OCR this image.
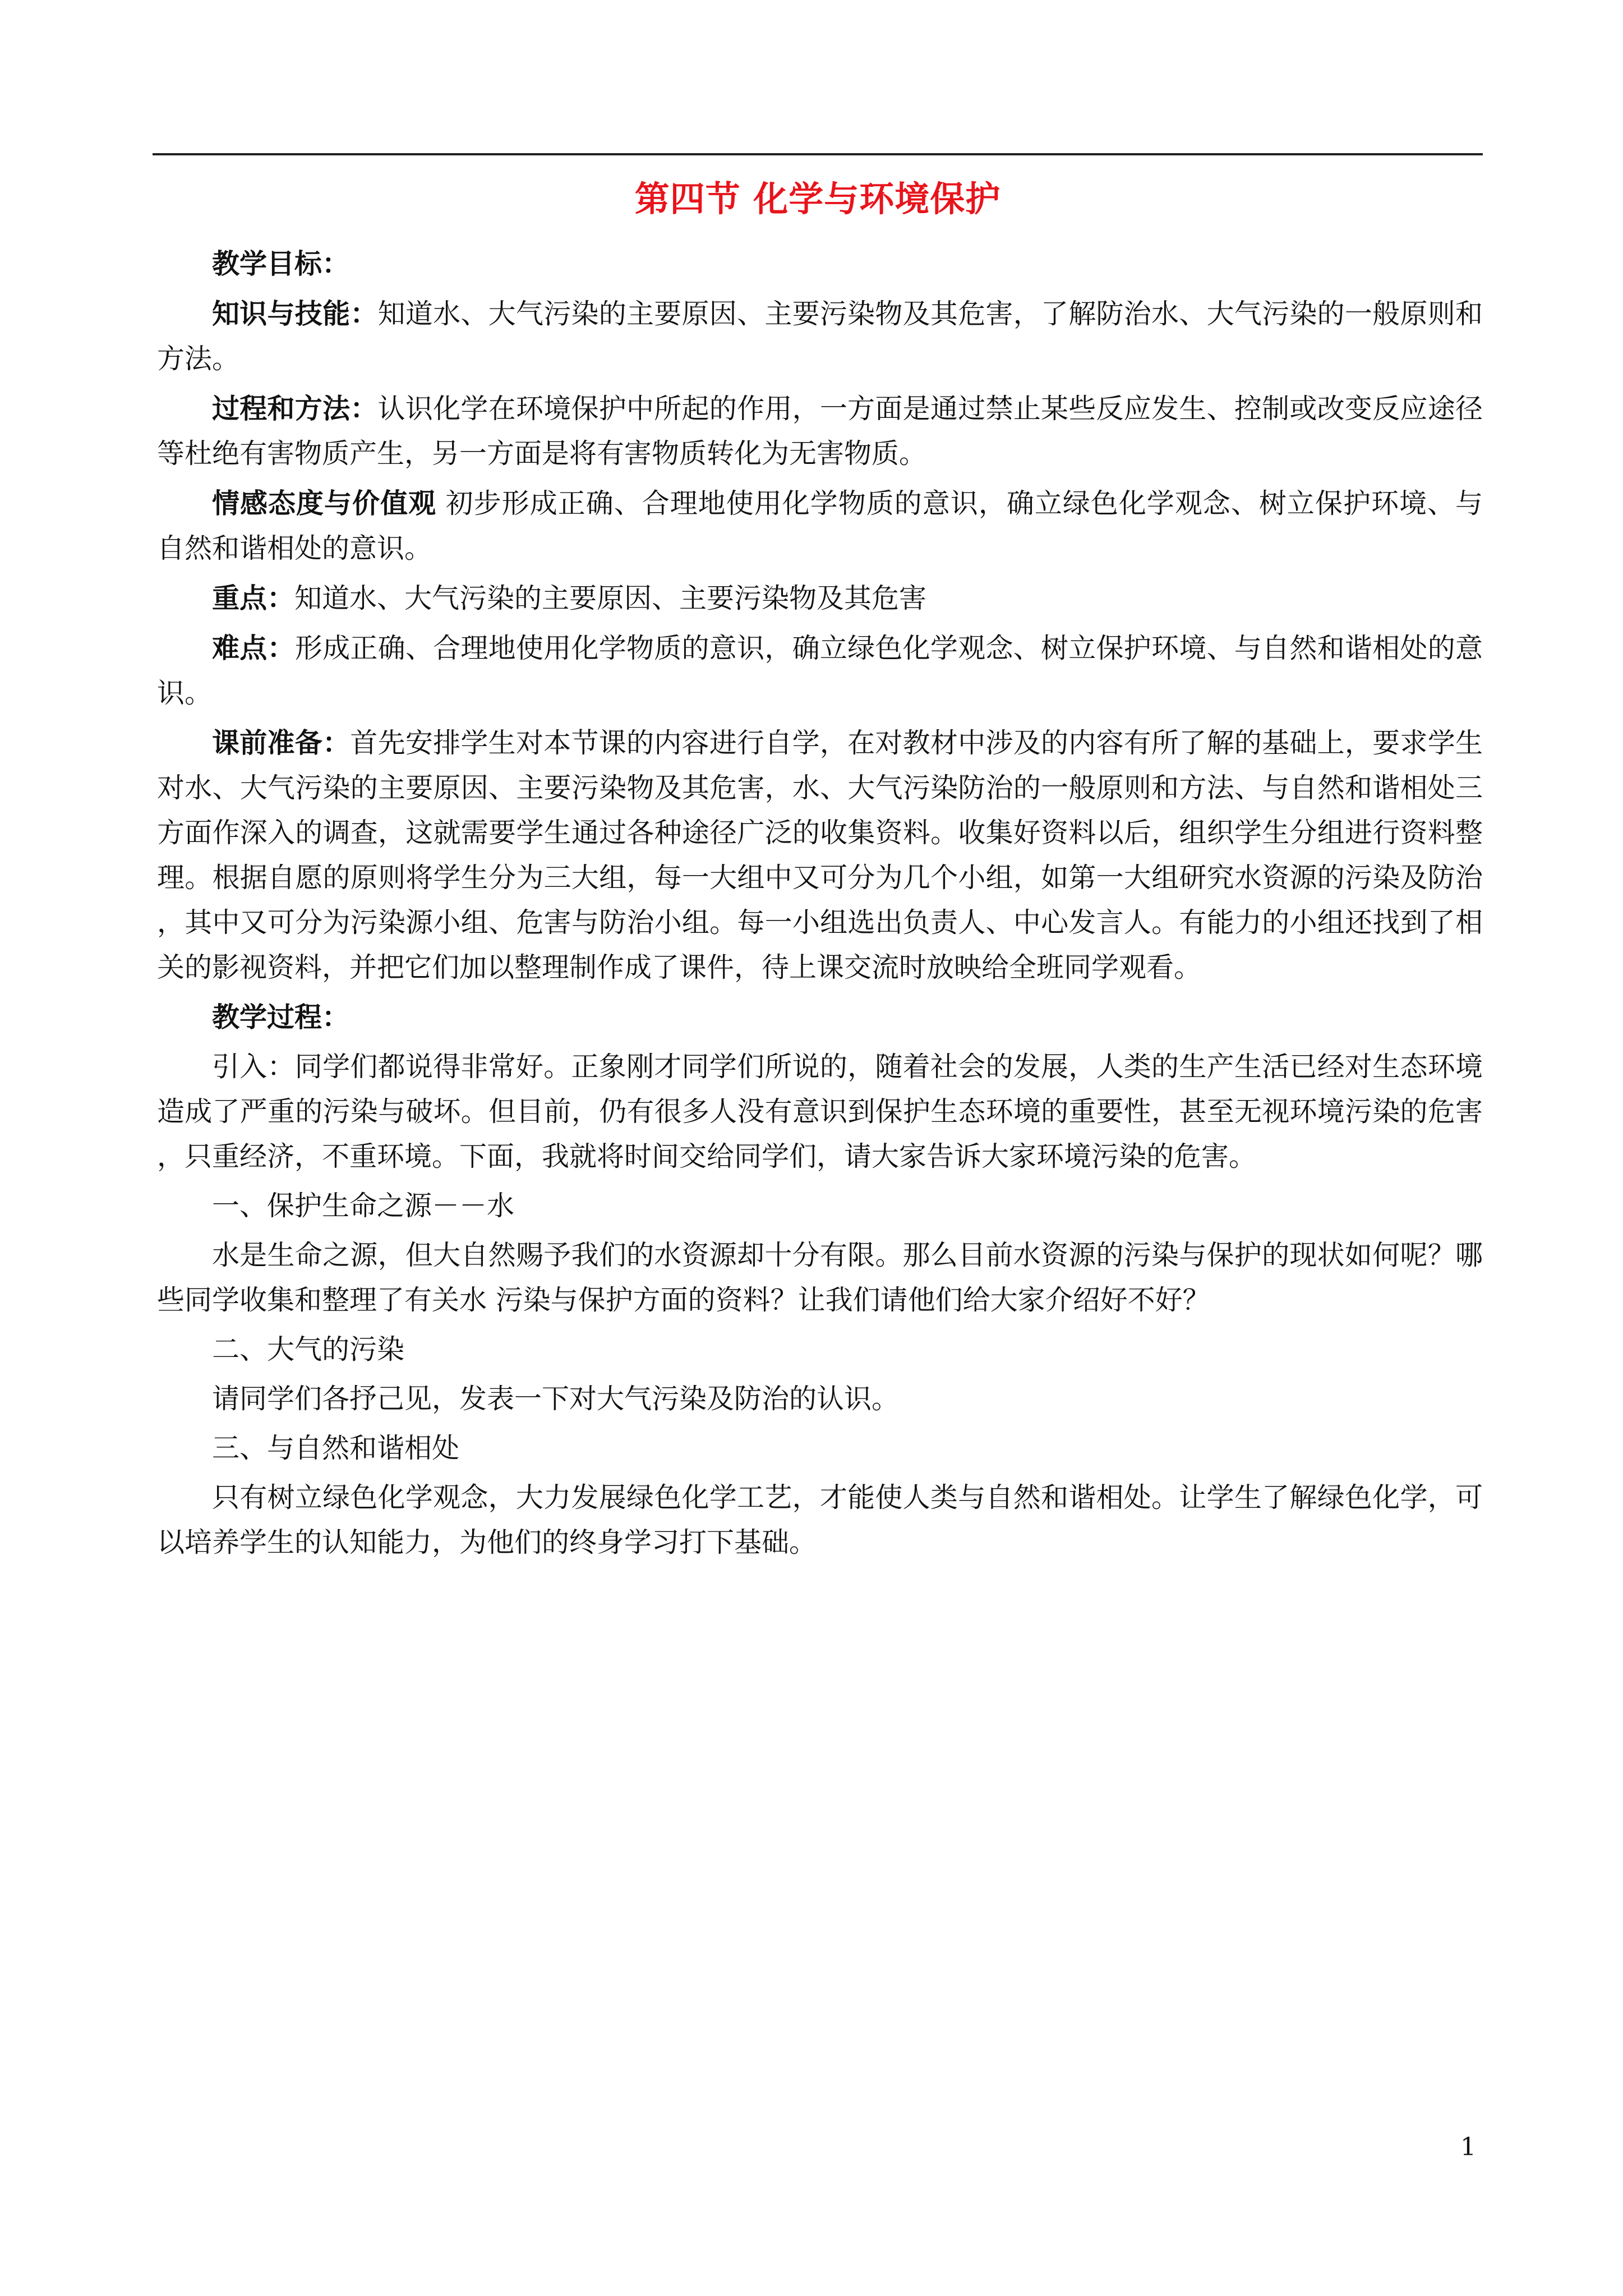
第四节 化学与环境保护

教学目标：

知识与技能：知道水、大气污染的主要原因、主要污染物及其危害，了解防治水、大气污染的一般原则和方法。

过程和方法：认识化学在环境保护中所起的作用，一方面是通过禁止某些反应发生、控制或改变反应途径等杜绝有害物质产生，另一方面是将有害物质转化为无害物质。

情感态度与价值观 初步形成正确、合理地使用化学物质的意识，确立绿色化学观念、树立保护环境、与自然和谐相处的意识。

重点：知道水、大气污染的主要原因、主要污染物及其危害

难点：形成正确、合理地使用化学物质的意识，确立绿色化学观念、树立保护环境、与自然和谐相处的意识。

课前准备：首先安排学生对本节课的内容进行自学，在对教材中涉及的内容有所了解的基础上，要求学生对水、大气污染的主要原因、主要污染物及其危害，水、大气污染防治的一般原则和方法、与自然和谐相处三方面作深入的调查，这就需要学生通过各种途径广泛的收集资料。收集好资料以后，组织学生分组进行资料整理。根据自愿的原则将学生分为三大组，每一大组中又可分为几个小组，如第一大组研究水资源的污染及防治，其中又可分为污染源小组、危害与防治小组。每一小组选出负责人、中心发言人。有能力的小组还找到了相关的影视资料，并把它们加以整理制作成了课件，待上课交流时放映给全班同学观看。

教学过程：

引入：同学们都说得非常好。正象刚才同学们所说的，随着社会的发展，人类的生产生活已经对生态环境造成了严重的污染与破坏。但目前，仍有很多人没有意识到保护生态环境的重要性，甚至无视环境污染的危害，只重经济，不重环境。下面，我就将时间交给同学们，请大家告诉大家环境污染的危害。

一、保护生命之源－－水

水是生命之源，但大自然赐予我们的水资源却十分有限。那么目前水资源的污染与保护的现状如何呢？哪些同学收集和整理了有关水 污染与保护方面的资料？让我们请他们给大家介绍好不好？

二、大气的污染

请同学们各抒己见，发表一下对大气污染及防治的认识。

三、与自然和谐相处

只有树立绿色化学观念，大力发展绿色化学工艺，才能使人类与自然和谐相处。让学生了解绿色化学，可以培养学生的认知能力，为他们的终身学习打下基础。

1
